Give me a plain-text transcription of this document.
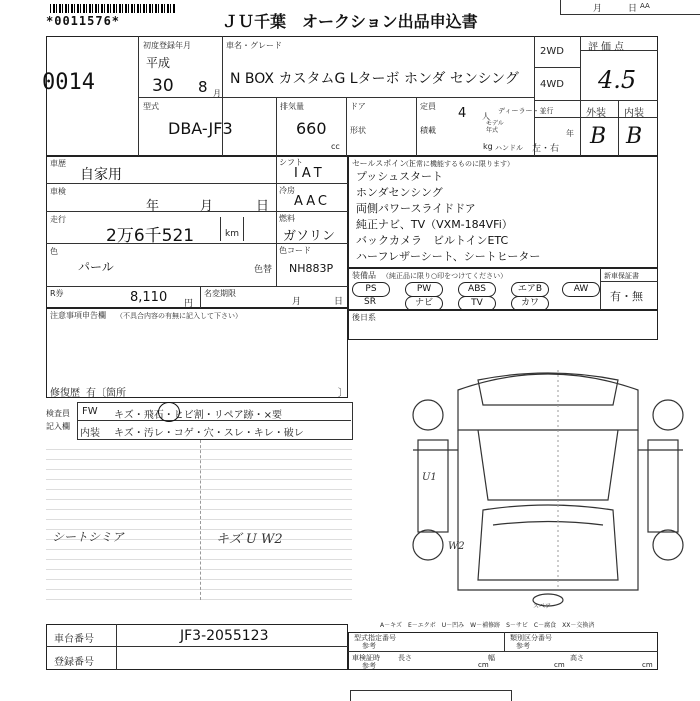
*0011576*	ＪＵ千葉　オークション出品申込書
月	日 AA
0014
初度登録年月
平成
30 8 月
車名・グレード
N BOX カスタムG Lターボ ホンダ センシング
型式
DBA-JF3
排気量
660
cc
ドア
形状
定員 4 人
積載
kg
2WD
4WD
ディーラー・並行
モデル年式	年
ハンドル 左・右
評価点
4.5
外装 内装
B B
車歴
自家用
車検
年	月	日
走行
2万6千521	km
色
パール	色替
シフト
IAT
冷房
AAC
燃料
ガソリン
色コード
NH883P
R券	8,110 円
名変期限
月	日
セールスポイント
（正常に機能するものに限ります）
プッシュスタート
ホンダセンシング
両側パワースライドドア
純正ナビ、TV（VXM-184VFi）
バックカメラ　ビルトインETC
ハーフレザーシート、シートヒーター
装備品 （純正品に限り○印をつけてください）	新車保証書
有・無
PS	PW	ABS	エアB	AW
SR	ナビ	TV	カワ
注意事項申告欄 （不具合内容の有無に記入して下さい）
修復歴 有〔箇所	〕
後日系
検査員記入欄
FW キズ・飛石・ヒビ割・リペア跡・×要
内装 キズ・汚レ・コゲ・穴・スレ・キレ・破レ
シートシミア	キズ U W2
U1
W2
スペア
A－キズ　E－エクボ　U－凹み　W－補修跡　S－サビ　C－腐食　XX－交換済
車台番号	JF3-2055123
登録番号
型式指定番号
参考
類別区分番号
参考
車検証時
参考
長さ
cm
幅
cm
高さ
cm
